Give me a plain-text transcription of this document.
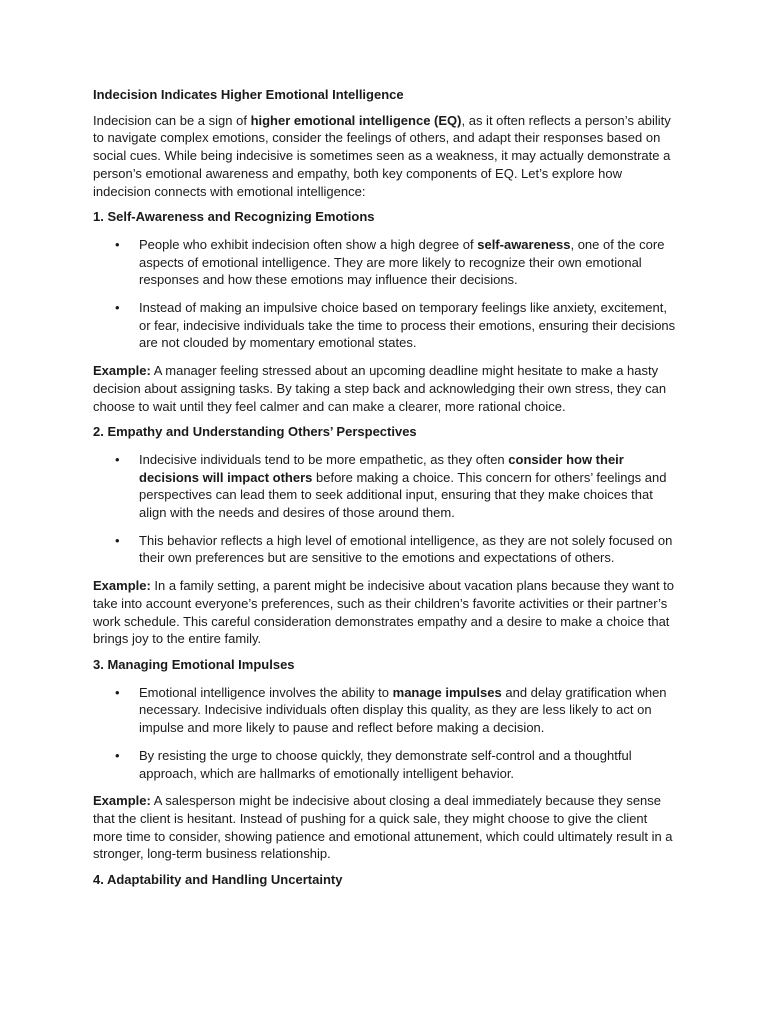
Indecision Indicates Higher Emotional Intelligence

Indecision can be a sign of higher emotional intelligence (EQ), as it often reflects a person’s ability to navigate complex emotions, consider the feelings of others, and adapt their responses based on social cues. While being indecisive is sometimes seen as a weakness, it may actually demonstrate a person’s emotional awareness and empathy, both key components of EQ. Let’s explore how indecision connects with emotional intelligence:

1. Self-Awareness and Recognizing Emotions
• People who exhibit indecision often show a high degree of self-awareness, one of the core aspects of emotional intelligence. They are more likely to recognize their own emotional responses and how these emotions may influence their decisions.
• Instead of making an impulsive choice based on temporary feelings like anxiety, excitement, or fear, indecisive individuals take the time to process their emotions, ensuring their decisions are not clouded by momentary emotional states.

Example: A manager feeling stressed about an upcoming deadline might hesitate to make a hasty decision about assigning tasks. By taking a step back and acknowledging their own stress, they can choose to wait until they feel calmer and can make a clearer, more rational choice.

2. Empathy and Understanding Others’ Perspectives
• Indecisive individuals tend to be more empathetic, as they often consider how their decisions will impact others before making a choice. This concern for others’ feelings and perspectives can lead them to seek additional input, ensuring that they make choices that align with the needs and desires of those around them.
• This behavior reflects a high level of emotional intelligence, as they are not solely focused on their own preferences but are sensitive to the emotions and expectations of others.

Example: In a family setting, a parent might be indecisive about vacation plans because they want to take into account everyone’s preferences, such as their children’s favorite activities or their partner’s work schedule. This careful consideration demonstrates empathy and a desire to make a choice that brings joy to the entire family.

3. Managing Emotional Impulses
• Emotional intelligence involves the ability to manage impulses and delay gratification when necessary. Indecisive individuals often display this quality, as they are less likely to act on impulse and more likely to pause and reflect before making a decision.
• By resisting the urge to choose quickly, they demonstrate self-control and a thoughtful approach, which are hallmarks of emotionally intelligent behavior.

Example: A salesperson might be indecisive about closing a deal immediately because they sense that the client is hesitant. Instead of pushing for a quick sale, they might choose to give the client more time to consider, showing patience and emotional attunement, which could ultimately result in a stronger, long-term business relationship.

4. Adaptability and Handling Uncertainty
